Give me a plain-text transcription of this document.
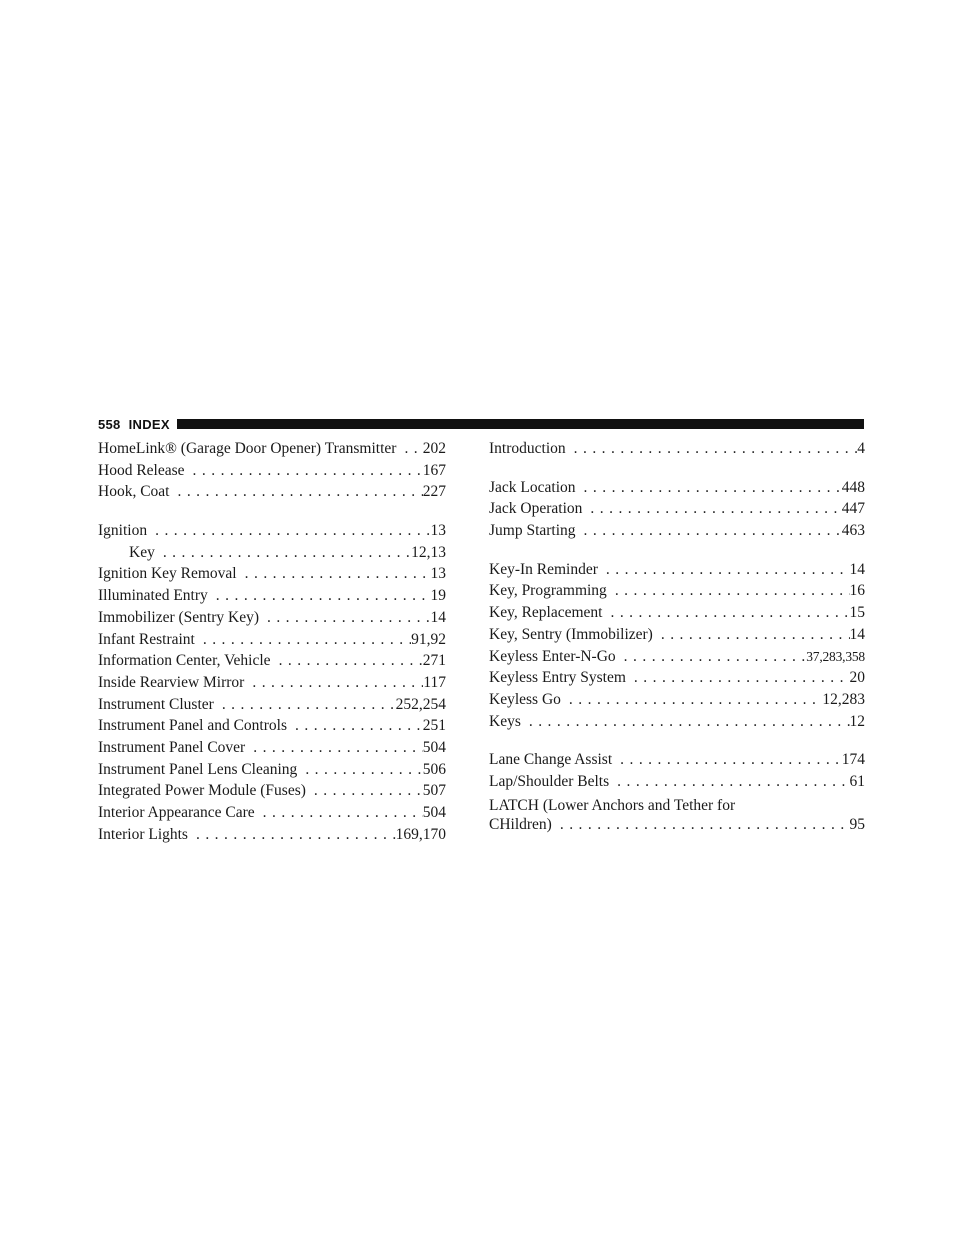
558 INDEX
HomeLink® (Garage Door Opener) Transmitter . . . 202
Hood Release . . .	167
Hook, Coat . . .	227
Ignition . . .	13
Key . . .	12,13
Ignition Key Removal . . .	13
Illuminated Entry . . .	19
Immobilizer (Sentry Key) . . .	14
Infant Restraint . . .	91,92
Information Center, Vehicle . . .	271
Inside Rearview Mirror . . .	117
Instrument Cluster . . .	252,254
Instrument Panel and Controls . . .	251
Instrument Panel Cover . . .	504
Instrument Panel Lens Cleaning . . .	506
Integrated Power Module (Fuses) . . .	507
Interior Appearance Care . . .	504
Interior Lights . . .	169,170
Introduction . . .	4
Jack Location . . .	448
Jack Operation . . .	447
Jump Starting . . .	463
Key-In Reminder . . .	14
Key, Programming . . .	16
Key, Replacement . . .	15
Key, Sentry (Immobilizer) . . .	14
Keyless Enter-N-Go . . .	37,283,358
Keyless Entry System . . .	20
Keyless Go . . .	12,283
Keys . . .	12
Lane Change Assist . . .	174
Lap/Shoulder Belts . . .	61
LATCH (Lower Anchors and Tether for
CHildren) . . .	95
